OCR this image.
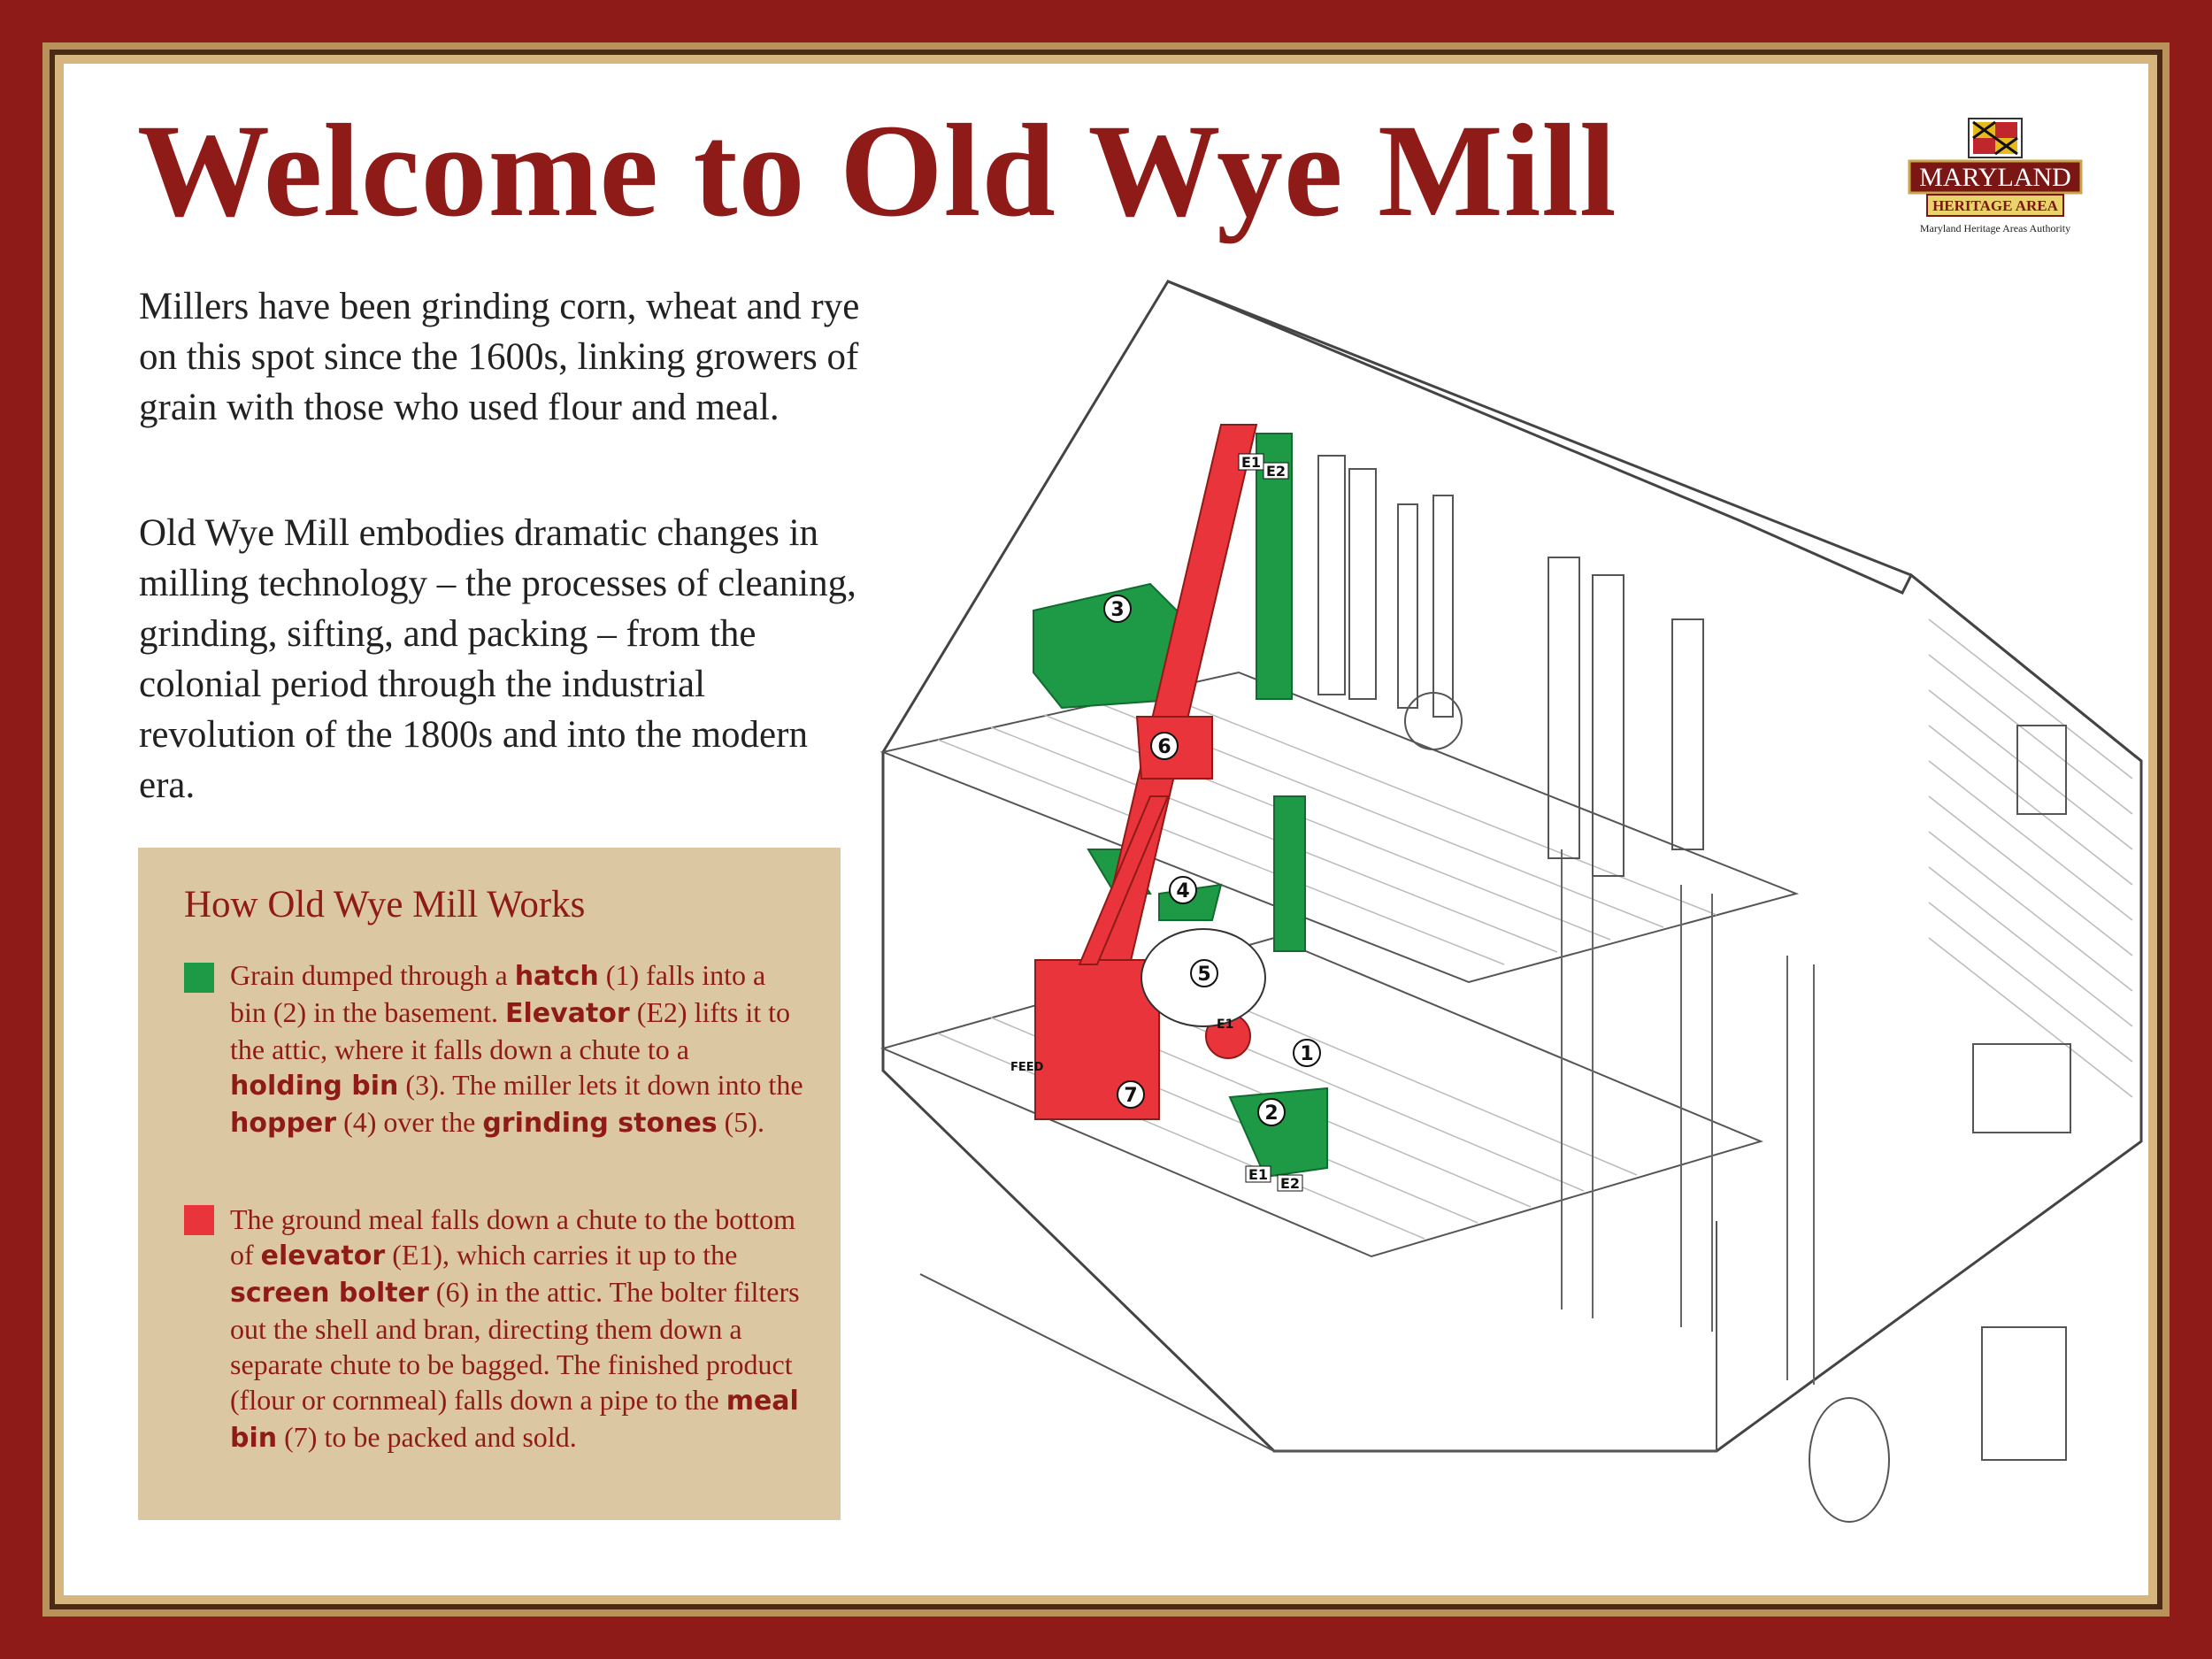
Welcome to Old Wye Mill	MARYLAND
HERITAGE AREA
Maryland Heritage Areas Authority
Millers have been grinding corn, wheat and rye on this spot since the 1600s, linking growers of grain with those who used flour and meal.
Old Wye Mill embodies dramatic changes in milling technology – the processes of cleaning, grinding, sifting, and packing – from the colonial period through the industrial revolution of the 1800s and into the modern era.
How Old Wye Mill Works
Grain dumped through a hatch (1) falls into a bin (2) in the basement. Elevator (E2) lifts it to the attic, where it falls down a chute to a holding bin (3). The miller lets it down into the hopper (4) over the grinding stones (5).
The ground meal falls down a chute to the bottom of elevator (E1), which carries it up to the screen bolter (6) in the attic. The bolter filters out the shell and bran, directing them down a separate chute to be bagged. The finished product (flour or cornmeal) falls down a pipe to the meal bin (7) to be packed and sold.
1
2
3
4
5
6
7
E1
E2
E1
E2
E1
FEED
